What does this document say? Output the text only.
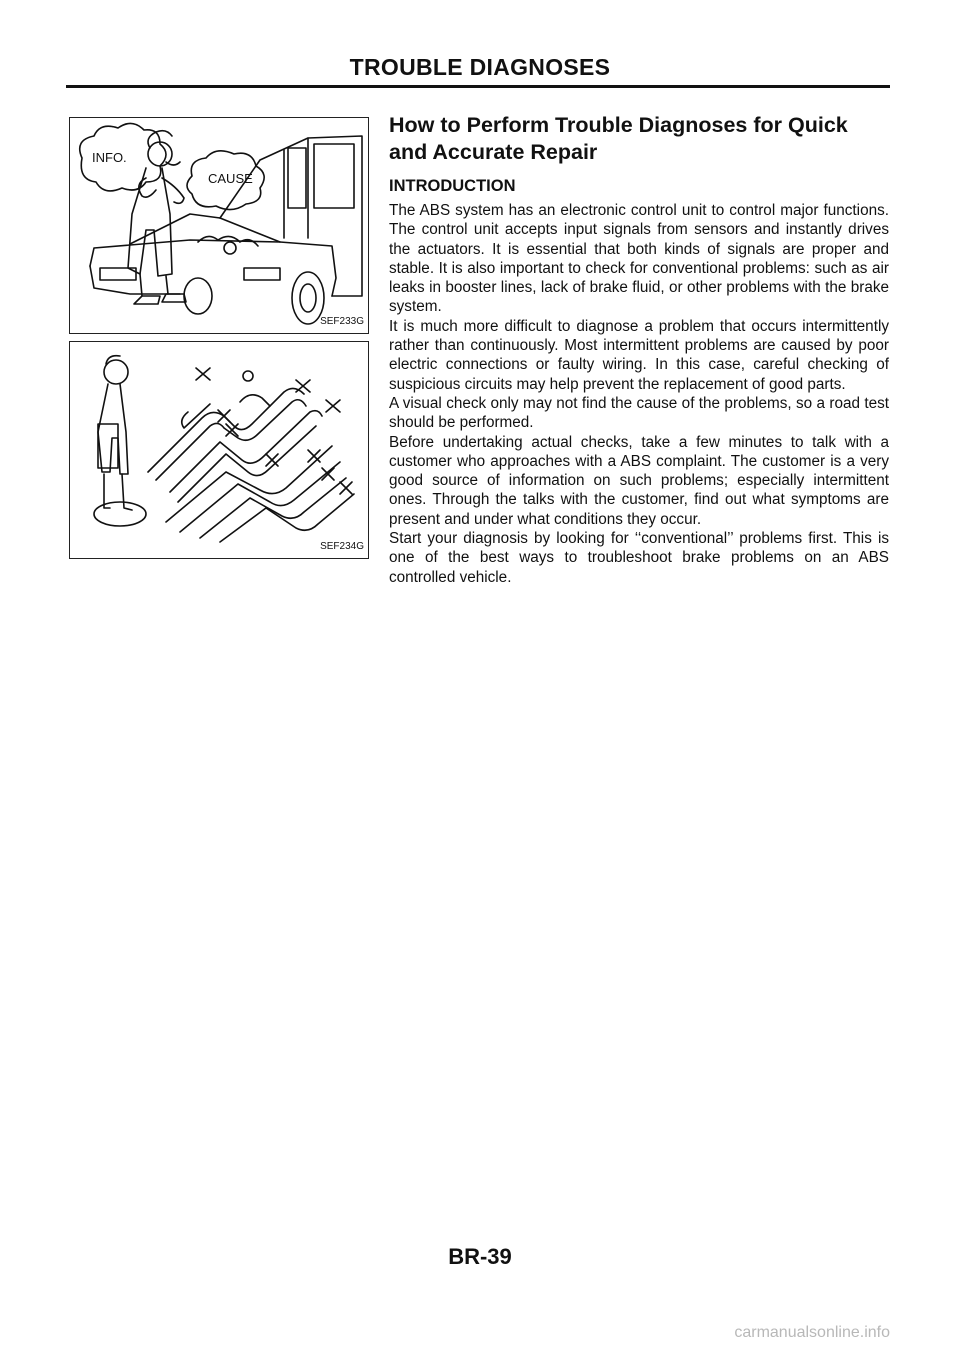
TROUBLE DIAGNOSES
INFO.
CAUSE
SEF233G
SEF234G
How to Perform Trouble Diagnoses for Quick and Accurate Repair
INTRODUCTION

The ABS system has an electronic control unit to control major functions. The control unit accepts input signals from sensors and instantly drives the actuators. It is essential that both kinds of signals are proper and stable. It is also important to check for conventional problems: such as air leaks in booster lines, lack of brake fluid, or other problems with the brake system.

It is much more difficult to diagnose a problem that occurs intermittently rather than continuously. Most intermittent problems are caused by poor electric connections or faulty wiring. In this case, careful checking of suspicious circuits may help prevent the replacement of good parts.

A visual check only may not find the cause of the problems, so a road test should be performed.

Before undertaking actual checks, take a few minutes to talk with a customer who approaches with a ABS complaint. The customer is a very good source of information on such problems; especially intermittent ones. Through the talks with the customer, find out what symptoms are present and under what conditions they occur.

Start your diagnosis by looking for ‘‘conventional’’ problems first. This is one of the best ways to troubleshoot brake problems on an ABS controlled vehicle.

BR-39
carmanualsonline.info
